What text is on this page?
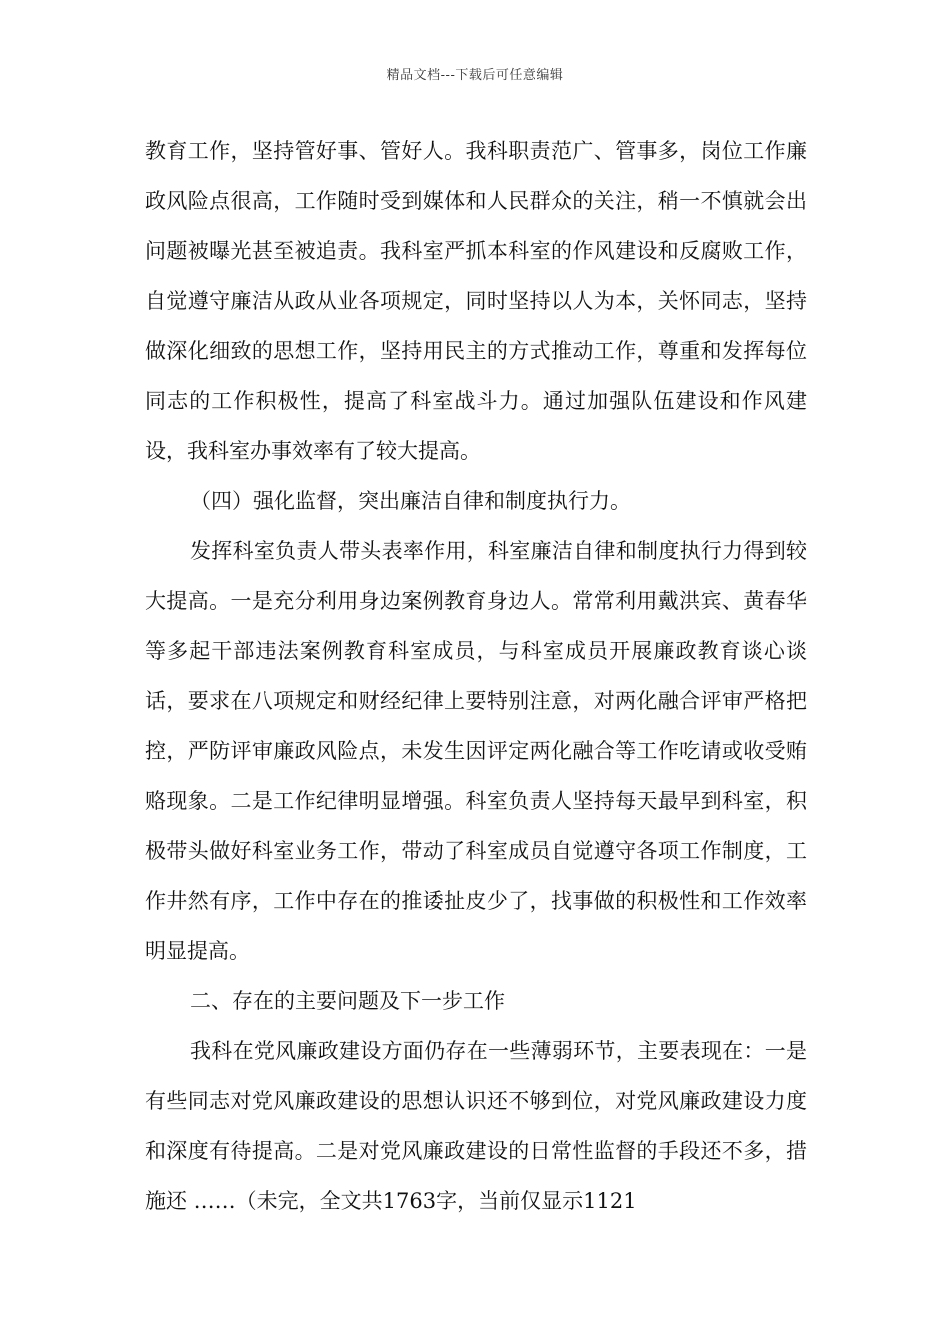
精品文档---下载后可任意编辑

教育工作，坚持管好事、管好人。我科职责范广、管事多，岗位工作廉政风险点很高，工作随时受到媒体和人民群众的关注，稍一不慎就会出问题被曝光甚至被追责。我科室严抓本科室的作风建设和反腐败工作，自觉遵守廉洁从政从业各项规定，同时坚持以人为本，关怀同志，坚持做深化细致的思想工作，坚持用民主的方式推动工作，尊重和发挥每位同志的工作积极性，提高了科室战斗力。通过加强队伍建设和作风建设，我科室办事效率有了较大提高。

（四）强化监督，突出廉洁自律和制度执行力。

发挥科室负责人带头表率作用，科室廉洁自律和制度执行力得到较大提高。一是充分利用身边案例教育身边人。常常利用戴洪宾、黄春华等多起干部违法案例教育科室成员，与科室成员开展廉政教育谈心谈话，要求在八项规定和财经纪律上要特别注意，对两化融合评审严格把控，严防评审廉政风险点，未发生因评定两化融合等工作吃请或收受贿赂现象。二是工作纪律明显增强。科室负责人坚持每天最早到科室，积极带头做好科室业务工作，带动了科室成员自觉遵守各项工作制度，工作井然有序，工作中存在的推诿扯皮少了，找事做的积极性和工作效率明显提高。

二、存在的主要问题及下一步工作

我科在党风廉政建设方面仍存在一些薄弱环节，主要表现在：一是有些同志对党风廉政建设的思想认识还不够到位，对党风廉政建设力度和深度有待提高。二是对党风廉政建设的日常性监督的手段还不多，措施还 ……（未完，全文共1763字，当前仅显示1121
